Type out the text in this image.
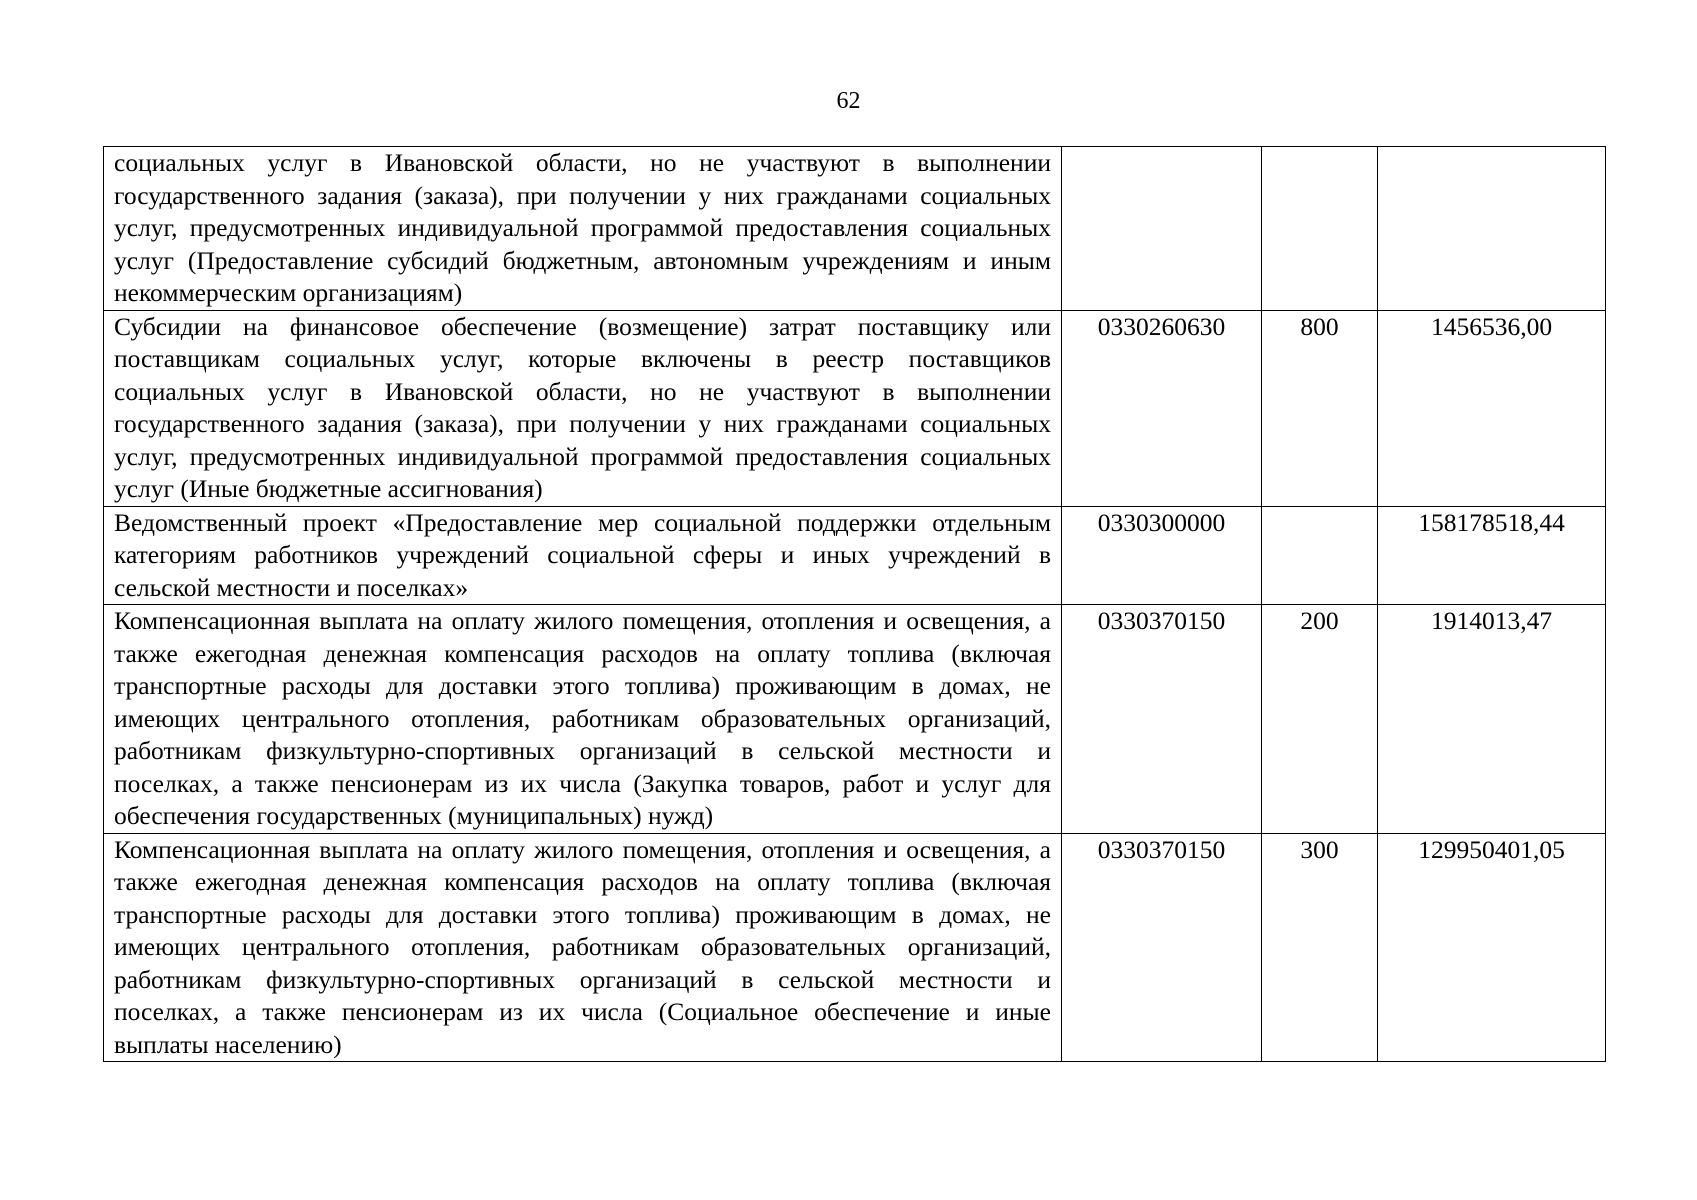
62
социальных услуг в Ивановской области, но не участвуют в выполнении государственного задания (заказа), при получении у них гражданами социальных услуг, предусмотренных индивидуальной программой предоставления социальных услуг (Предоставление субсидий бюджетным, автономным учреждениям и иным некоммерческим организациям)			
Субсидии на финансовое обеспечение (возмещение) затрат поставщику или поставщикам социальных услуг, которые включены в реестр поставщиков социальных услуг в Ивановской области, но не участвуют в выполнении государственного задания (заказа), при получении у них гражданами социальных услуг, предусмотренных индивидуальной программой предоставления социальных услуг (Иные бюджетные ассигнования)	0330260630	800	1456536,00
Ведомственный проект «Предоставление мер социальной поддержки отдельным категориям работников учреждений социальной сферы и иных учреждений в сельской местности и поселках»	0330300000		158178518,44
Компенсационная выплата на оплату жилого помещения, отопления и освещения, а также ежегодная денежная компенсация расходов на оплату топлива (включая транспортные расходы для доставки этого топлива) проживающим в домах, не имеющих центрального отопления, работникам образовательных организаций, работникам физкультурно-спортивных организаций в сельской местности и поселках, а также пенсионерам из их числа (Закупка товаров, работ и услуг для обеспечения государственных (муниципальных) нужд)	0330370150	200	1914013,47
Компенсационная выплата на оплату жилого помещения, отопления и освещения, а также ежегодная денежная компенсация расходов на оплату топлива (включая транспортные расходы для доставки этого топлива) проживающим в домах, не имеющих центрального отопления, работникам образовательных организаций, работникам физкультурно-спортивных организаций в сельской местности и поселках, а также пенсионерам из их числа (Социальное обеспечение и иные выплаты населению)	0330370150	300	129950401,05
